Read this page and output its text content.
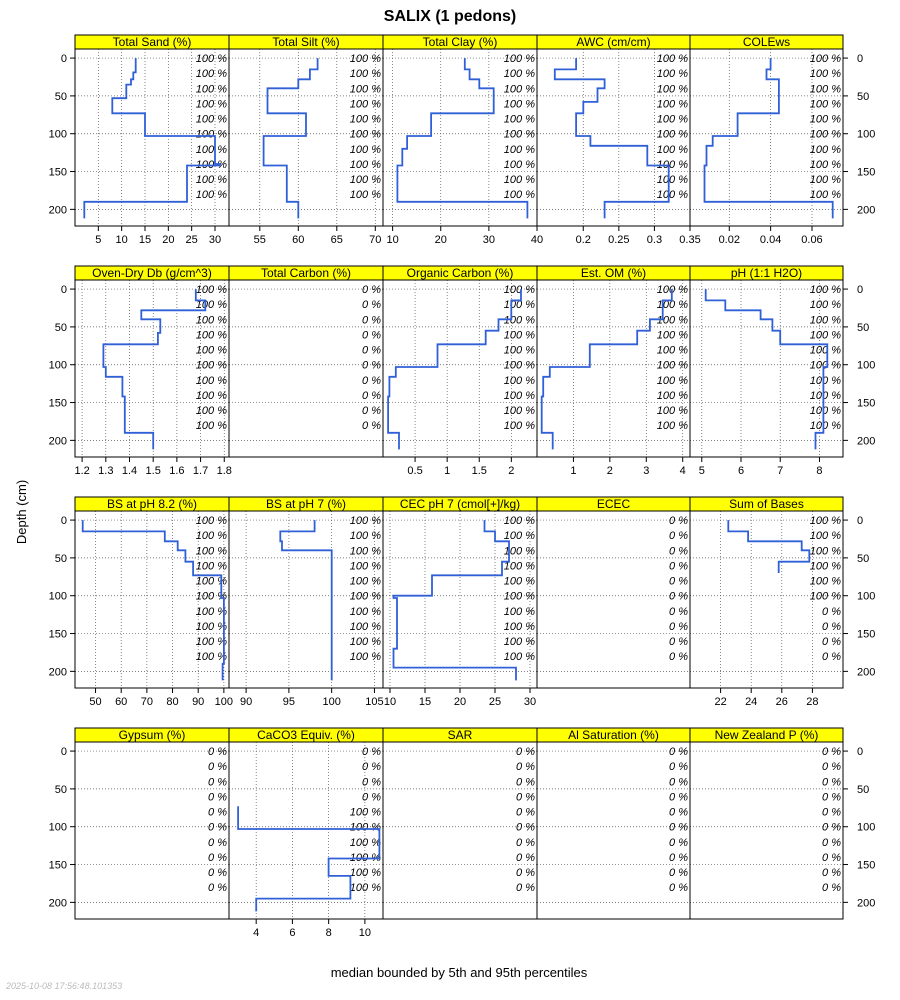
SALIX (1 pedons)
Total Sand (%)
100 %
100 %
100 %
100 %
100 %
100 %
100 %
100 %
100 %
100 %
5 10 15 20 25 30
0
50
100
150
200
Total Silt (%)
100 %
100 %
100 %
100 %
100 %
100 %
100 %
100 %
100 %
100 %
55 60 65 70
Total Clay (%)
100 %
100 %
100 %
100 %
100 %
100 %
100 %
100 %
100 %
100 %
10	20	30	40
AWC (cm/cm)
100 %
100 %
100 %
100 %
100 %
100 %
100 %
100 %
100 %
100 %
0.2 0.25 0.3 0.35
COLEws
100 %
100 %
100 %
100 %
100 %
100 %
100 %
100 %
100 %
100 %
0.02 0.04 0.06
0
50
100
150
200
Oven-Dry Db (g/cm^3)
100 %
100 %
100 %
100 %
100 %
100 %
100 %
100 %
100 %
100 %
1.2 1.3 1.4 1.5 1.6 1.7 1.8
0
50
100
150
200
Total Carbon (%)
0 %
0 %
0 %
0 %
0 %
0 %
0 %
0 %
0 %
0 %
Organic Carbon (%)
100 %
100 %
100 %
100 %
100 %
100 %
100 %
100 %
100 %
100 %
0.5 1 1.5 2
Est. OM (%)
100 %
100 %
100 %
100 %
100 %
100 %
100 %
100 %
100 %
100 %
1	2	3	4
pH (1:1 H2O)
100 %
100 %
100 %
100 %
100 %
100 %
100 %
100 %
100 %
100 %
5	6	7	8
0
50
100
150
200
BS at pH 8.2 (%)
100 %
100 %
100 %
100 %
100 %
100 %
100 %
100 %
100 %
100 %
50 60 70 80 90 100
0
50
100
150
200
BS at pH 7 (%)
100 %
100 %
100 %
100 %
100 %
100 %
100 %
100 %
100 %
100 %
90	95 100 105
CEC pH 7 (cmol[+]/kg)
100 %
100 %
100 %
100 %
100 %
100 %
100 %
100 %
100 %
100 %
10 15 20 25 30
ECEC
0 %
0 %
0 %
0 %
0 %
0 %
0 %
0 %
0 %
0 %
Sum of Bases
100 %
100 %
100 %
100 %
100 %
100 %
0 %
0 %
0 %
0 %
22 24 26 28
0
50
100
150
200
Gypsum (%)
0 %
0 %
0 %
0 %
0 %
0 %
0 %
0 %
0 %
0 %
0
50
100
150
200
CaCO3 Equiv. (%)
0 %
0 %
0 %
0 %
100 %
100 %
100 %
100 %
100 %
100 %
4	6	8 10
SAR
0 %
0 %
0 %
0 %
0 %
0 %
0 %
0 %
0 %
0 %
Al Saturation (%)
0 %
0 %
0 %
0 %
0 %
0 %
0 %
0 %
0 %
0 %
New Zealand P (%)
0 %
0 %
0 %
0 %
0 %
0 %
0 %
0 %
0 %
0 %
0
50
100
150
200
Depth (cm)
median bounded by 5th and 95th percentiles
2025-10-08 17:56:48.101353
